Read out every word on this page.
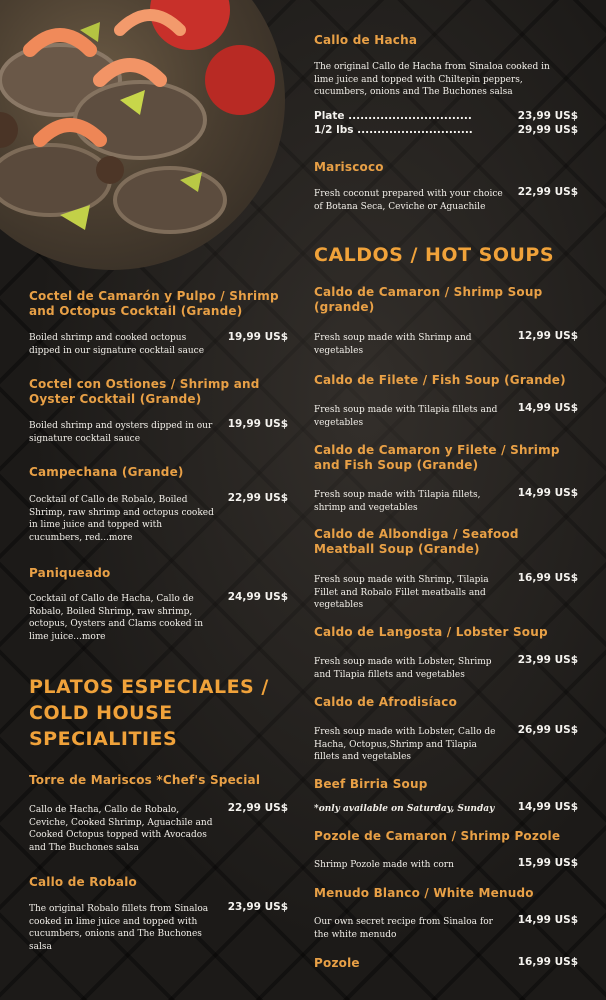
Coctel de Camarón y Pulpo / Shrimp and Octopus Cocktail (Grande)
Boiled shrimp and cooked octopus dipped in our signature cocktail sauce
19,99 US$
Coctel con Ostiones / Shrimp and Oyster Cocktail (Grande)
Boiled shrimp and oysters dipped in our signature cocktail sauce
19,99 US$
Campechana (Grande)
Cocktail of Callo de Robalo, Boiled Shrimp, raw shrimp and octopus cooked in lime juice and topped with cucumbers, red...more
22,99 US$
Paniqueado
Cocktail of Callo de Hacha, Callo de Robalo, Boiled Shrimp, raw shrimp, octopus, Oysters and Clams cooked in lime juice...more
24,99 US$
PLATOS ESPECIALES / COLD HOUSE SPECIALITIES
Torre de Mariscos *Chef's Special
Callo de Hacha, Callo de Robalo, Ceviche, Cooked Shrimp, Aguachile and Cooked Octopus topped with Avocados and The Buchones salsa
22,99 US$
Callo de Robalo
The original Robalo fillets from Sinaloa cooked in lime juice and topped with cucumbers, onions and The Buchones salsa
23,99 US$
Callo de Hacha
The original Callo de Hacha from Sinaloa cooked in lime juice and topped with Chiltepin peppers, cucumbers, onions and The Buchones salsa
Plate ...............................	23,99 US$
1/2 lbs .............................	29,99 US$
Mariscoco
Fresh coconut prepared with your choice of Botana Seca, Ceviche or Aguachile
22,99 US$
CALDOS / HOT SOUPS
Caldo de Camaron / Shrimp Soup (grande)
Fresh soup made with Shrimp and vegetables
12,99 US$
Caldo de Filete / Fish Soup (Grande)
Fresh soup made with Tilapia fillets and vegetables
14,99 US$
Caldo de Camaron y Filete / Shrimp and Fish Soup (Grande)
Fresh soup made with Tilapia fillets, shrimp and vegetables
14,99 US$
Caldo de Albondiga / Seafood Meatball Soup (Grande)
Fresh soup made with Shrimp, Tilapia Fillet and Robalo Fillet meatballs and vegetables
16,99 US$
Caldo de Langosta / Lobster Soup
Fresh soup made with Lobster, Shrimp and Tilapia fillets and vegetables
23,99 US$
Caldo de Afrodisíaco
Fresh soup made with Lobster, Callo de Hacha, Octopus,Shrimp and Tilapia fillets and vegetables
26,99 US$
Beef Birria Soup
*only available on Saturday, Sunday	14,99 US$
Pozole de Camaron / Shrimp Pozole
Shrimp Pozole made with corn	15,99 US$
Menudo Blanco / White Menudo
Our own secret recipe from Sinaloa for the white menudo
14,99 US$
Pozole	16,99 US$
